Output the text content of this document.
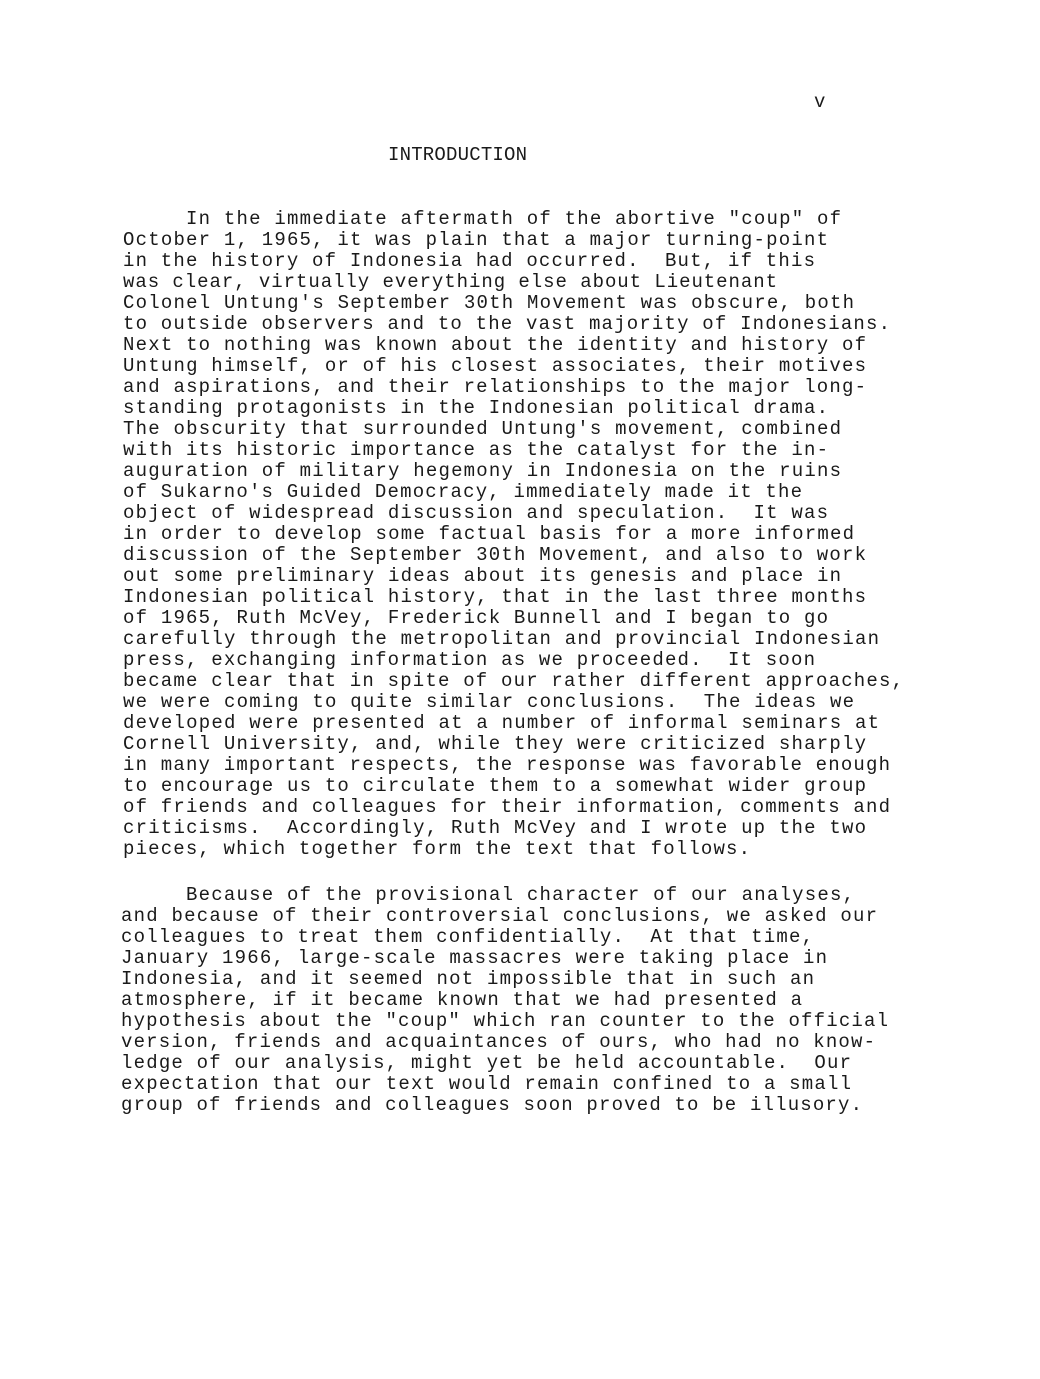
v
INTRODUCTION
In the immediate aftermath of the abortive "coup" of
October 1, 1965, it was plain that a major turning-point
in the history of Indonesia had occurred.  But, if this
was clear, virtually everything else about Lieutenant
Colonel Untung's September 30th Movement was obscure, both
to outside observers and to the vast majority of Indonesians.
Next to nothing was known about the identity and history of
Untung himself, or of his closest associates, their motives
and aspirations, and their relationships to the major long-
standing protagonists in the Indonesian political drama.
The obscurity that surrounded Untung's movement, combined
with its historic importance as the catalyst for the in-
auguration of military hegemony in Indonesia on the ruins
of Sukarno's Guided Democracy, immediately made it the
object of widespread discussion and speculation.  It was
in order to develop some factual basis for a more informed
discussion of the September 30th Movement, and also to work
out some preliminary ideas about its genesis and place in
Indonesian political history, that in the last three months
of 1965, Ruth McVey, Frederick Bunnell and I began to go
carefully through the metropolitan and provincial Indonesian
press, exchanging information as we proceeded.  It soon
became clear that in spite of our rather different approaches,
we were coming to quite similar conclusions.  The ideas we
developed were presented at a number of informal seminars at
Cornell University, and, while they were criticized sharply
in many important respects, the response was favorable enough
to encourage us to circulate them to a somewhat wider group
of friends and colleagues for their information, comments and
criticisms.  Accordingly, Ruth McVey and I wrote up the two
pieces, which together form the text that follows.
Because of the provisional character of our analyses,
and because of their controversial conclusions, we asked our
colleagues to treat them confidentially.  At that time,
January 1966, large-scale massacres were taking place in
Indonesia, and it seemed not impossible that in such an
atmosphere, if it became known that we had presented a
hypothesis about the "coup" which ran counter to the official
version, friends and acquaintances of ours, who had no know-
ledge of our analysis, might yet be held accountable.  Our
expectation that our text would remain confined to a small
group of friends and colleagues soon proved to be illusory.
